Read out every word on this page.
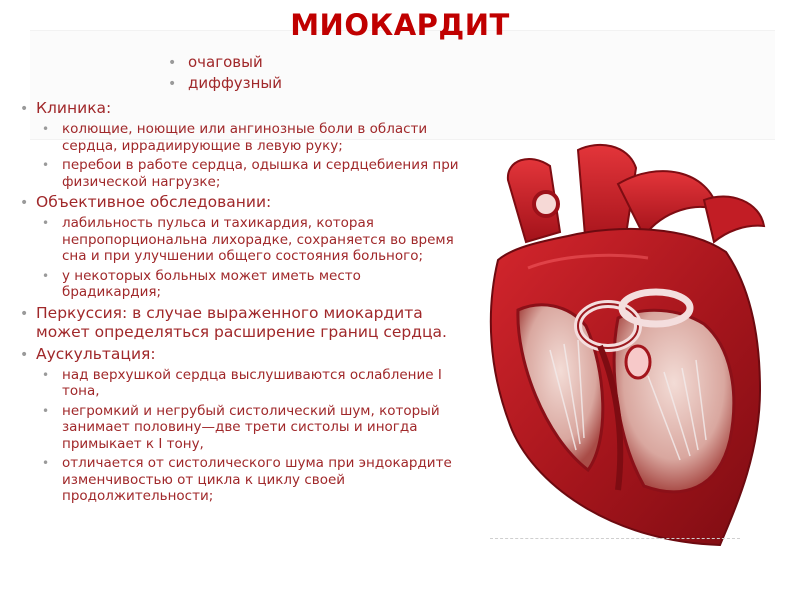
МИОКАРДИТ
• очаговый
• диффузный
• Клиника:
• колющие, ноющие или ангинозные боли в области сердца, иррадиирующие в левую руку;
• перебои в работе сердца, одышка и сердцебиения при физической нагрузке;
• Объективное обследовании:
• лабильность пульса и тахикардия, которая непропорциональна лихорадке, сохраняется во время сна и при улучшении общего состояния больного;
• у некоторых больных может иметь место брадикардия;
• Перкуссия: в случае выраженного миокардита может определяться расширение границ сердца.
• Аускультация:
• над верхушкой сердца выслушиваются ослабление I тона,
• негромкий и негрубый систолический шум, который занимает половину—две трети систолы и иногда примыкает к I тону,
• отличается от систолического шума при эндокардите изменчивостью от цикла к циклу своей продолжительности;
